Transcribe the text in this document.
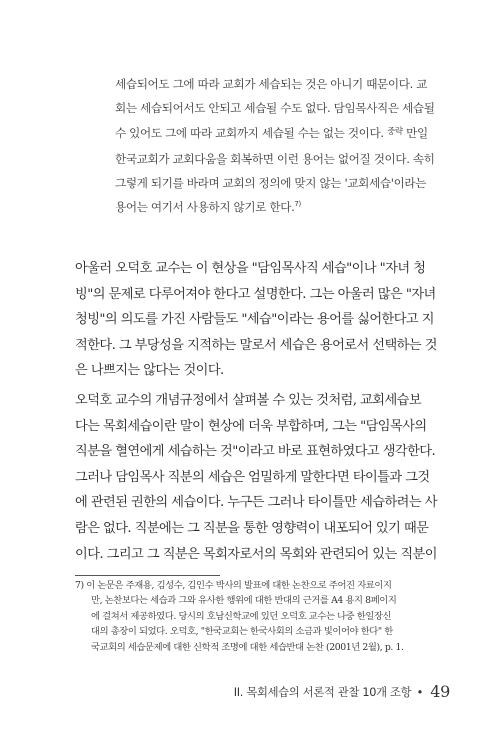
세습되어도 그에 따라 교회가 세습되는 것은 아니기 때문이다. 교
회는 세습되어서도 안되고 세습될 수도 없다. 담임목사직은 세습될
수 있어도 그에 따라 교회까지 세습될 수는 없는 것이다. $^{중략}$ 만일
한국교회가 교회다움을 회복하면 이런 용어는 없어질 것이다. 속히
그렇게 되기를 바라며 교회의 정의에 맞지 않는 '교회세습'이라는
용어는 여기서 사용하지 않기로 한다.$^{7)}$
아울러 오덕호 교수는 이 현상을 "담임목사직 세습"이나 "자녀 청
빙"의 문제로 다루어져야 한다고 설명한다. 그는 아울러 많은 "자녀
청빙"의 의도를 가진 사람들도 "세습"이라는 용어를 싫어한다고 지
적한다. 그 부당성을 지적하는 말로서 세습은 용어로서 선택하는 것
은 나쁘지는 않다는 것이다.
오덕호 교수의 개념규정에서 살펴볼 수 있는 것처럼, 교회세습보
다는 목회세습이란 말이 현상에 더욱 부합하며, 그는 "담임목사의
직분을 혈연에게 세습하는 것"이라고 바로 표현하였다고 생각한다.
그러나 담임목사 직분의 세습은 엄밀하게 말한다면 타이틀과 그것
에 관련된 권한의 세습이다. 누구든 그러나 타이틀만 세습하려는 사
람은 없다. 직분에는 그 직분을 통한 영향력이 내포되어 있기 때문
이다. 그리고 그 직분은 목회자로서의 목회와 관련되어 있는 직분이
7) 이 논문은 주재용, 김성수, 김인수 박사의 발표에 대한 논찬으로 주어진 자료이지
만, 논찬보다는 세습과 그와 유사한 행위에 대한 반대의 근거를 A4 용지 8페이지
에 걸쳐서 제공하였다. 당시의 호남신학교에 있던 오덕호 교수는 나중 한일장신
대의 총장이 되었다. 오덕호, "한국교회는 한국사회의 소금과 빛이어야 한다" 한
국교회의 세습문제에 대한 신학적 조명에 대한 세습반대 논찬 (2001년 2월), p. 1.
II. 목회세습의 서론적 관찰 10개 조항 • 49
